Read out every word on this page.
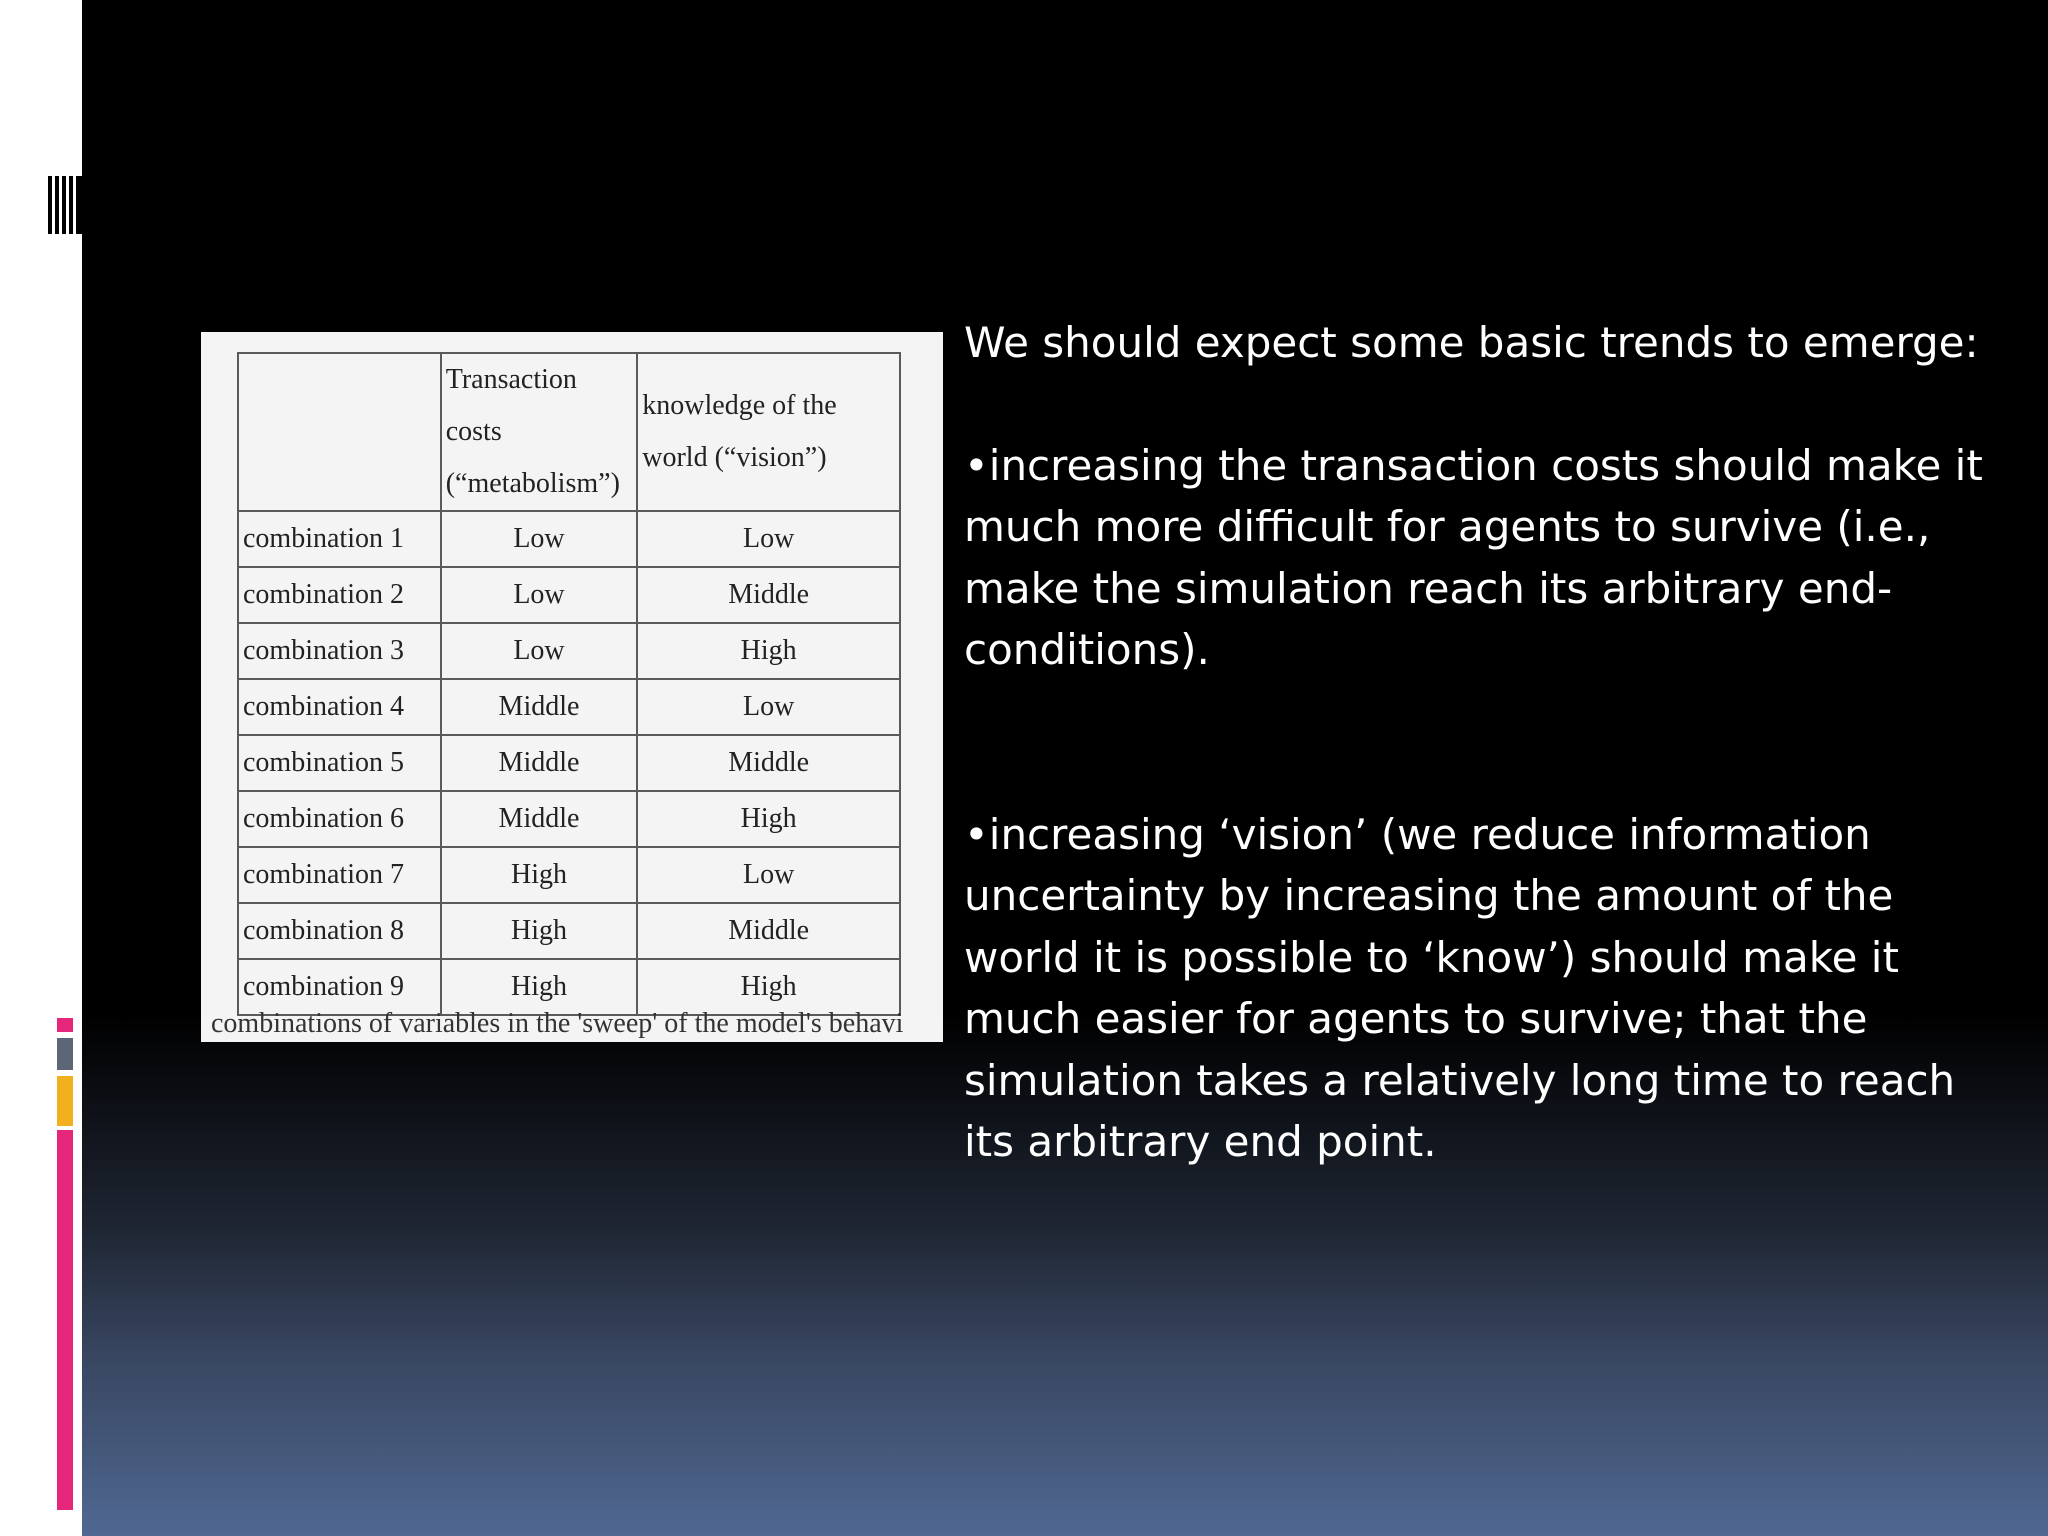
	Transaction costs (“metabolism”)	knowledge of the world (“vision”)
combination 1	Low	Low
combination 2	Low	Middle
combination 3	Low	High
combination 4	Middle	Low
combination 5	Middle	Middle
combination 6	Middle	High
combination 7	High	Low
combination 8	High	Middle
combination 9	High	High
combinations of variables in the 'sweep' of the model's behavi

We should expect some basic trends to emerge:

•increasing the transaction costs should make it much more difficult for agents to survive (i.e., make the simulation reach its arbitrary end-conditions).

•increasing ‘vision’ (we reduce information uncertainty by increasing the amount of the world it is possible to ‘know’) should make it much easier for agents to survive; that the simulation takes a relatively long time to reach its arbitrary end point.
